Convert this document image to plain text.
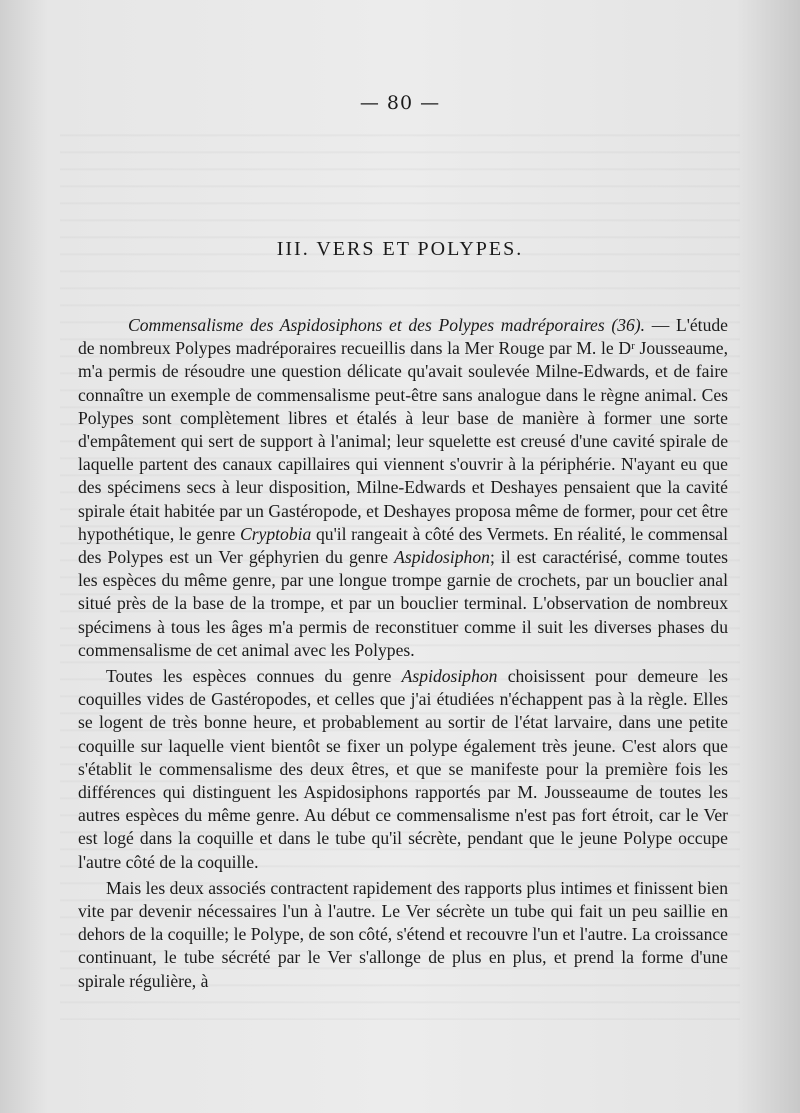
— 80 —
III. VERS ET POLYPES.

Commensalisme des Aspidosiphons et des Polypes madréporaires (36). — L'étude de nombreux Polypes madréporaires recueillis dans la Mer Rouge par M. le Dʳ Jousseaume, m'a permis de résoudre une question délicate qu'avait soulevée Milne-Edwards, et de faire connaître un exemple de commensalisme peut-être sans analogue dans le règne animal. Ces Polypes sont complètement libres et étalés à leur base de manière à former une sorte d'empâtement qui sert de support à l'animal; leur squelette est creusé d'une cavité spirale de laquelle partent des canaux capillaires qui viennent s'ouvrir à la périphérie. N'ayant eu que des spécimens secs à leur disposition, Milne-Edwards et Deshayes pensaient que la cavité spirale était habitée par un Gastéropode, et Deshayes proposa même de former, pour cet être hypothétique, le genre Cryptobia qu'il rangeait à côté des Vermets. En réalité, le commensal des Polypes est un Ver géphyrien du genre Aspidosiphon; il est caractérisé, comme toutes les espèces du même genre, par une longue trompe garnie de crochets, par un bouclier anal situé près de la base de la trompe, et par un bouclier terminal. L'observation de nombreux spécimens à tous les âges m'a permis de reconstituer comme il suit les diverses phases du commensalisme de cet animal avec les Polypes.

Toutes les espèces connues du genre Aspidosiphon choisissent pour demeure les coquilles vides de Gastéropodes, et celles que j'ai étudiées n'échappent pas à la règle. Elles se logent de très bonne heure, et probablement au sortir de l'état larvaire, dans une petite coquille sur laquelle vient bientôt se fixer un polype également très jeune. C'est alors que s'établit le commensalisme des deux êtres, et que se manifeste pour la première fois les différences qui distinguent les Aspidosiphons rapportés par M. Jousseaume de toutes les autres espèces du même genre. Au début ce commensalisme n'est pas fort étroit, car le Ver est logé dans la coquille et dans le tube qu'il sécrète, pendant que le jeune Polype occupe l'autre côté de la coquille.

Mais les deux associés contractent rapidement des rapports plus intimes et finissent bien vite par devenir nécessaires l'un à l'autre. Le Ver sécrète un tube qui fait un peu saillie en dehors de la coquille; le Polype, de son côté, s'étend et recouvre l'un et l'autre. La croissance continuant, le tube sécrété par le Ver s'allonge de plus en plus, et prend la forme d'une spirale régulière, à
